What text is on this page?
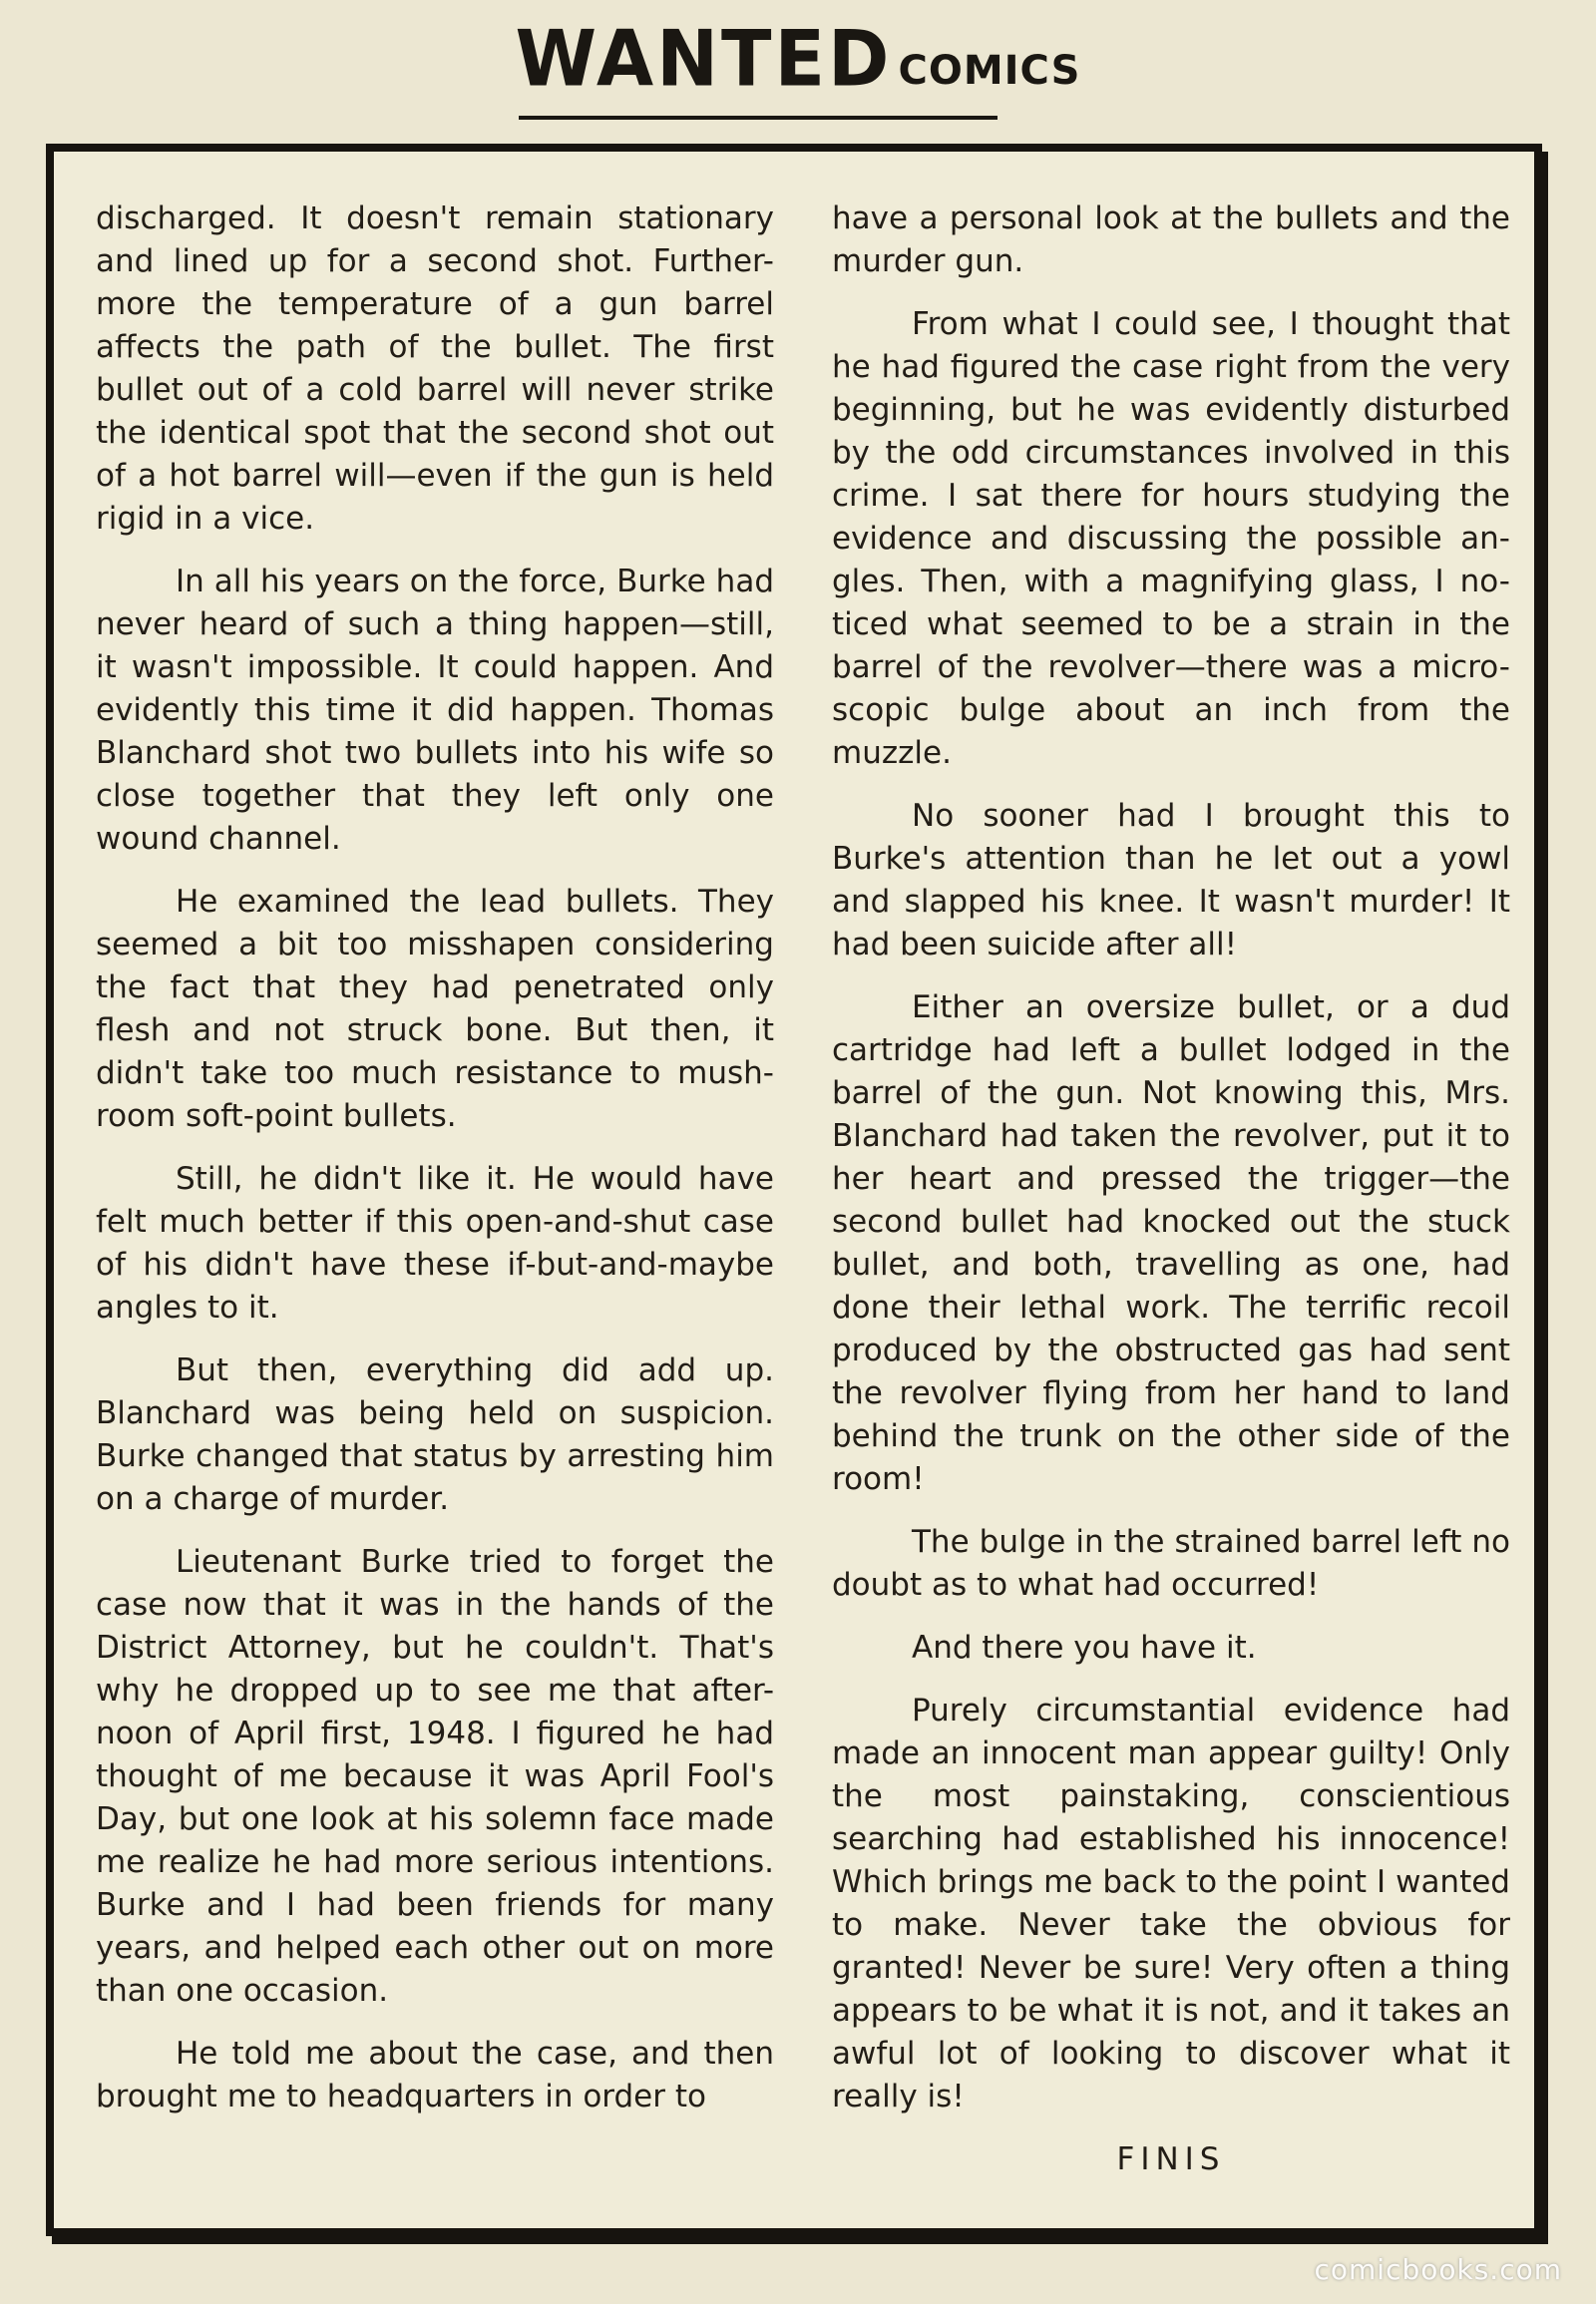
WANTED COMICS

discharged. It doesn't remain stationary and lined up for a second shot. Further-more the temperature of a gun barrel affects the path of the bullet. The first bullet out of a cold barrel will never strike the identical spot that the second shot out of a hot barrel will—even if the gun is held rigid in a vice.

In all his years on the force, Burke had never heard of such a thing happen—still, it wasn't impossible. It could happen. And evidently this time it did happen. Thomas Blanchard shot two bullets into his wife so close together that they left only one wound channel.

He examined the lead bullets. They seemed a bit too misshapen considering the fact that they had penetrated only flesh and not struck bone. But then, it didn't take too much resistance to mush-room soft-point bullets.

Still, he didn't like it. He would have felt much better if this open-and-shut case of his didn't have these if-but-and-maybe angles to it.

But then, everything did add up. Blanchard was being held on suspicion. Burke changed that status by arresting him on a charge of murder.

Lieutenant Burke tried to forget the case now that it was in the hands of the District Attorney, but he couldn't. That's why he dropped up to see me that after-noon of April first, 1948. I figured he had thought of me because it was April Fool's Day, but one look at his solemn face made me realize he had more serious intentions. Burke and I had been friends for many years, and helped each other out on more than one occasion.

He told me about the case, and then brought me to headquarters in order to

have a personal look at the bullets and the murder gun.

From what I could see, I thought that he had figured the case right from the very beginning, but he was evidently disturbed by the odd circumstances involved in this crime. I sat there for hours studying the evidence and discussing the possible an-gles. Then, with a magnifying glass, I no-ticed what seemed to be a strain in the barrel of the revolver—there was a micro-scopic bulge about an inch from the muzzle.

No sooner had I brought this to Burke's attention than he let out a yowl and slapped his knee. It wasn't murder! It had been suicide after all!

Either an oversize bullet, or a dud cartridge had left a bullet lodged in the barrel of the gun. Not knowing this, Mrs. Blanchard had taken the revolver, put it to her heart and pressed the trigger—the second bullet had knocked out the stuck bullet, and both, travelling as one, had done their lethal work. The terrific recoil produced by the obstructed gas had sent the revolver flying from her hand to land behind the trunk on the other side of the room!

The bulge in the strained barrel left no doubt as to what had occurred!

And there you have it.

Purely circumstantial evidence had made an innocent man appear guilty! Only the most painstaking, conscientious searching had established his innocence! Which brings me back to the point I wanted to make. Never take the obvious for granted! Never be sure! Very often a thing appears to be what it is not, and it takes an awful lot of looking to discover what it really is!

FINIS
comicbooks.com
